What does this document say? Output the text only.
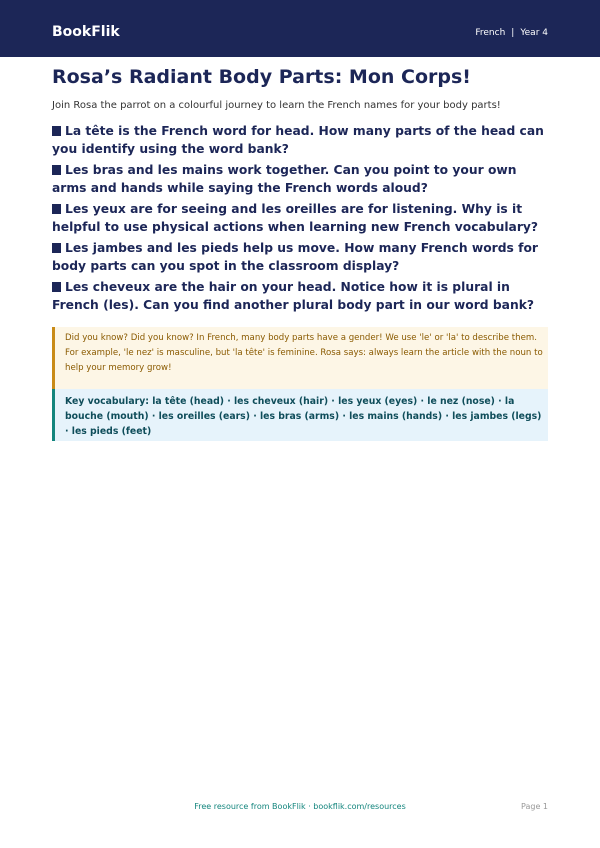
BookFlik	French | Year 4
Rosa’s Radiant Body Parts: Mon Corps!

Join Rosa the parrot on a colourful journey to learn the French names for your body parts!

La tête is the French word for head. How many parts of the head can you identify using the word bank?

Les bras and les mains work together. Can you point to your own arms and hands while saying the French words aloud?

Les yeux are for seeing and les oreilles are for listening. Why is it helpful to use physical actions when learning new French vocabulary?

Les jambes and les pieds help us move. How many French words for body parts can you spot in the classroom display?

Les cheveux are the hair on your head. Notice how it is plural in French (les). Can you find another plural body part in our word bank?

Did you know? Did you know? In French, many body parts have a gender! We use 'le' or 'la' to describe them. For example, 'le nez' is masculine, but 'la tête' is feminine. Rosa says: always learn the article with the noun to help your memory grow!
Key vocabulary: la tête (head) · les cheveux (hair) · les yeux (eyes) · le nez (nose) · la bouche (mouth) · les oreilles (ears) · les bras (arms) · les mains (hands) · les jambes (legs) · les pieds (feet)
Free resource from BookFlik · bookflik.com/resources	Page 1
